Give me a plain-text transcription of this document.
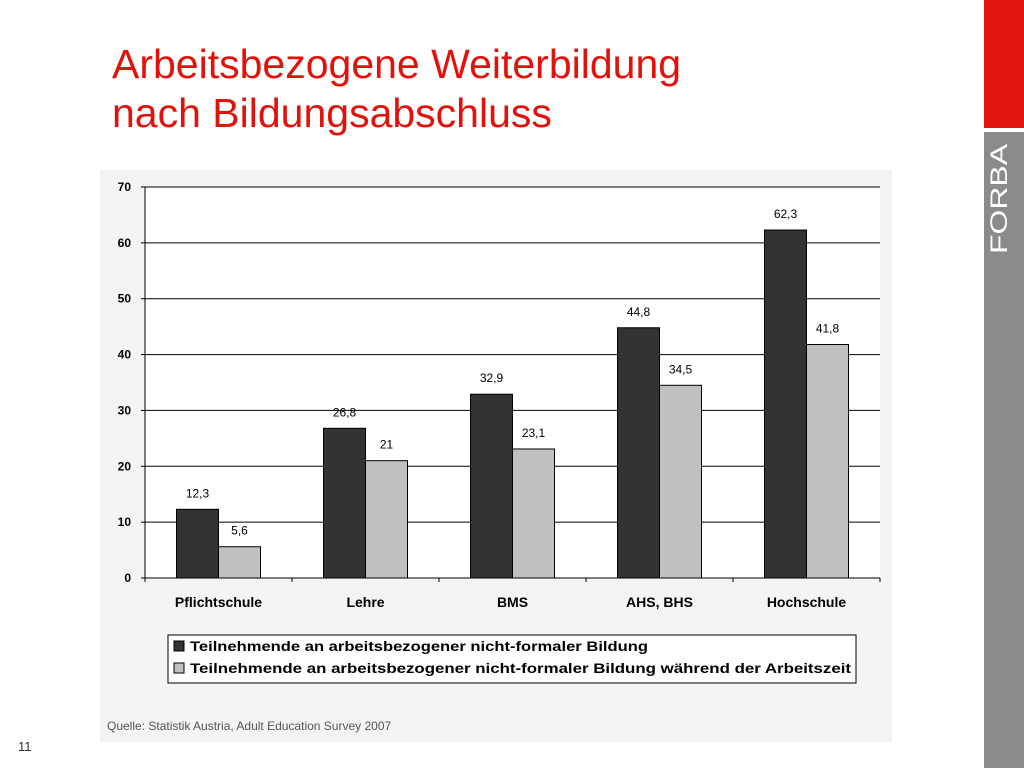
Arbeitsbezogene Weiterbildung
nach Bildungsabschluss
FORBA
0
10
20
30
40
50
60
70
12,3
5,6
Pflichtschule
26,8
21
Lehre
32,9
23,1
BMS
44,8
34,5
AHS, BHS
62,3
41,8
Hochschule
Teilnehmende an arbeitsbezogener nicht-formaler Bildung
Teilnehmende an arbeitsbezogener nicht-formaler Bildung während der Arbeitszeit
Quelle: Statistik Austria, Adult Education Survey 2007
11
